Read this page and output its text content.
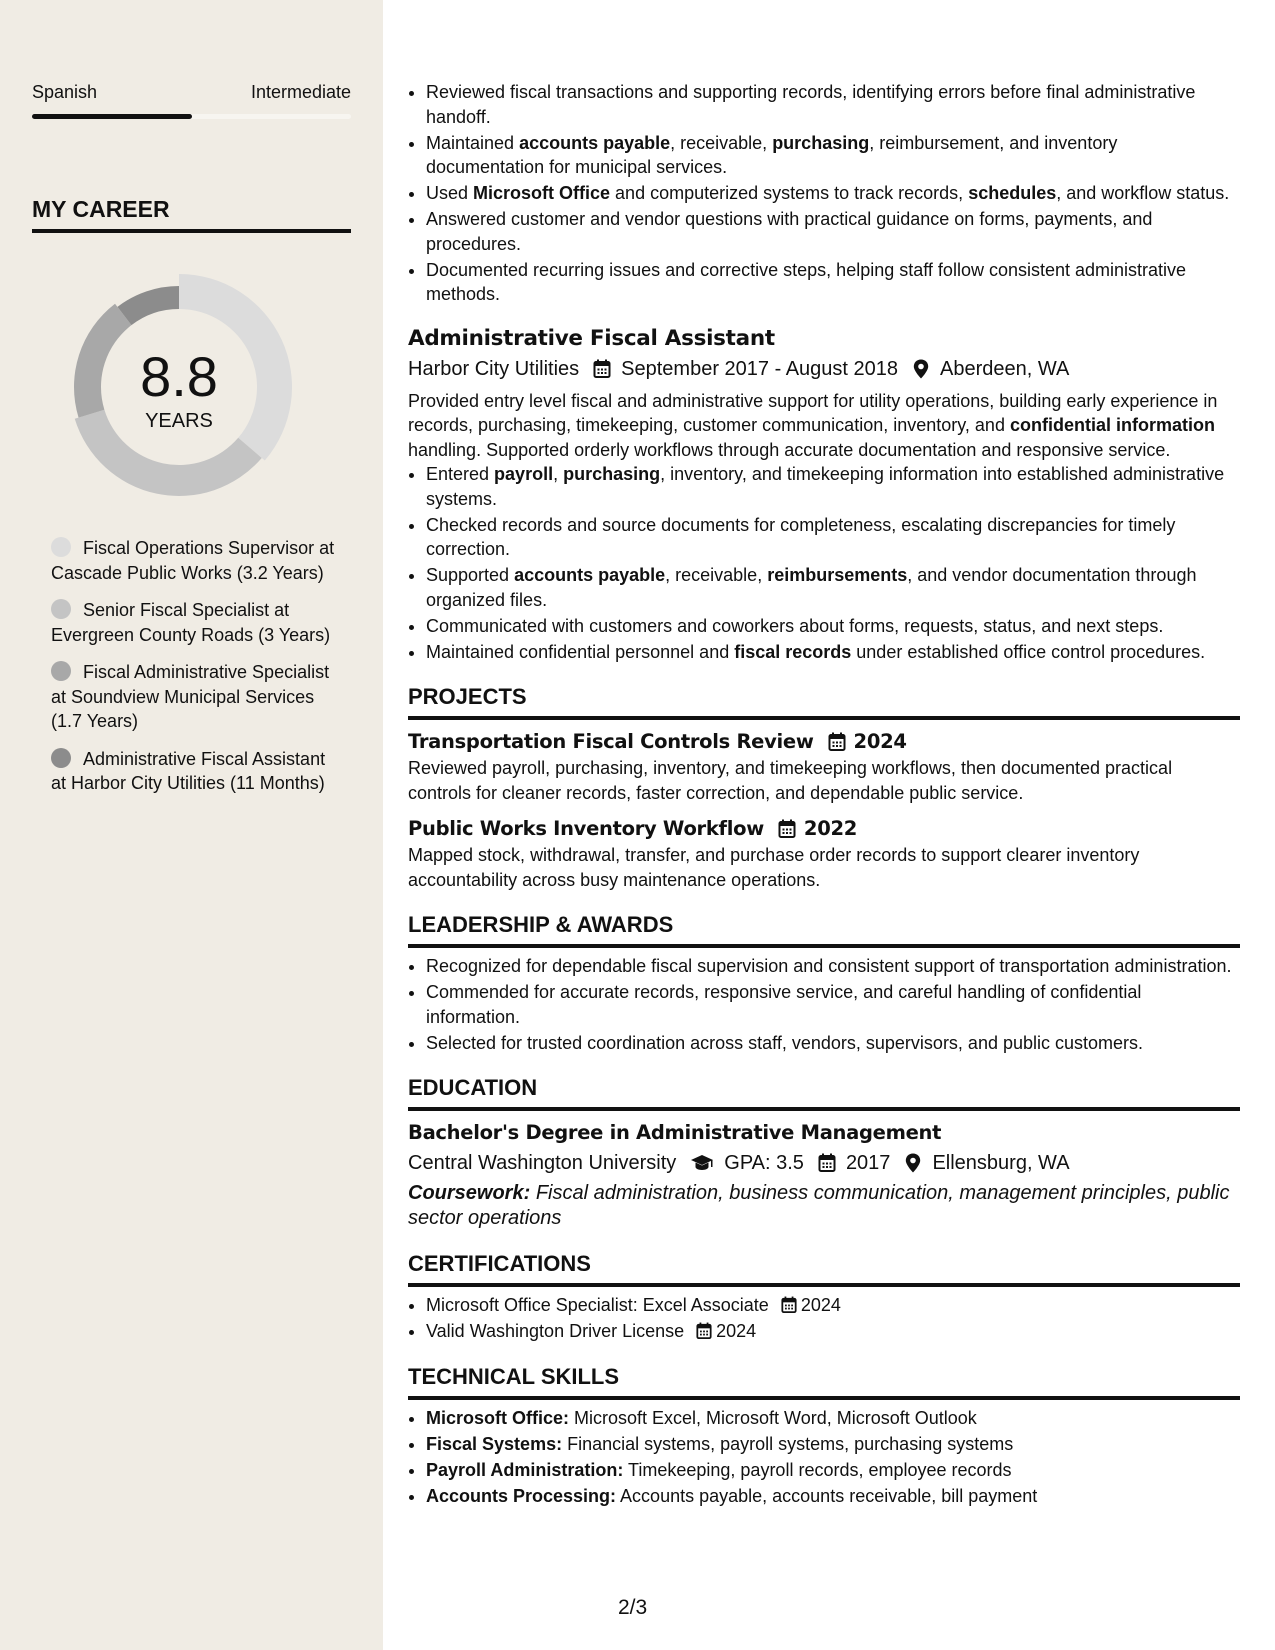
Spanish	Intermediate
MY CAREER
8.8
YEARS
Fiscal Operations Supervisor at Cascade Public Works (3.2 Years)
Senior Fiscal Specialist at Evergreen County Roads (3 Years)
Fiscal Administrative Specialist at Soundview Municipal Services (1.7 Years)
Administrative Fiscal Assistant at Harbor City Utilities (11 Months)
• Reviewed fiscal transactions and supporting records, identifying errors before final administrative handoff.
• Maintained accounts payable, receivable, purchasing, reimbursement, and inventory documentation for municipal services.
• Used Microsoft Office and computerized systems to track records, schedules, and workflow status.
• Answered customer and vendor questions with practical guidance on forms, payments, and procedures.
• Documented recurring issues and corrective steps, helping staff follow consistent administrative methods.
Administrative Fiscal Assistant
Harbor City Utilities September 2017 - August 2018 Aberdeen, WA

Provided entry level fiscal and administrative support for utility operations, building early experience in records, purchasing, timekeeping, customer communication, inventory, and confidential information handling. Supported orderly workflows through accurate documentation and responsive service.

• Entered payroll, purchasing, inventory, and timekeeping information into established administrative systems.
• Checked records and source documents for completeness, escalating discrepancies for timely correction.
• Supported accounts payable, receivable, reimbursements, and vendor documentation through organized files.
• Communicated with customers and coworkers about forms, requests, status, and next steps.
• Maintained confidential personnel and fiscal records under established office control procedures.
PROJECTS
Transportation Fiscal Controls Review 2024

Reviewed payroll, purchasing, inventory, and timekeeping workflows, then documented practical controls for cleaner records, faster correction, and dependable public service.

Public Works Inventory Workflow 2022

Mapped stock, withdrawal, transfer, and purchase order records to support clearer inventory accountability across busy maintenance operations.

LEADERSHIP & AWARDS
• Recognized for dependable fiscal supervision and consistent support of transportation administration.
• Commended for accurate records, responsive service, and careful handling of confidential information.
• Selected for trusted coordination across staff, vendors, supervisors, and public customers.
EDUCATION
Bachelor's Degree in Administrative Management
Central Washington University GPA: 3.5 2017 Ellensburg, WA

Coursework: Fiscal administration, business communication, management principles, public sector operations

CERTIFICATIONS
• Microsoft Office Specialist: Excel Associate 2024
• Valid Washington Driver License 2024
TECHNICAL SKILLS
• Microsoft Office: Microsoft Excel, Microsoft Word, Microsoft Outlook
• Fiscal Systems: Financial systems, payroll systems, purchasing systems
• Payroll Administration: Timekeeping, payroll records, employee records
• Accounts Processing: Accounts payable, accounts receivable, bill payment
2/3
